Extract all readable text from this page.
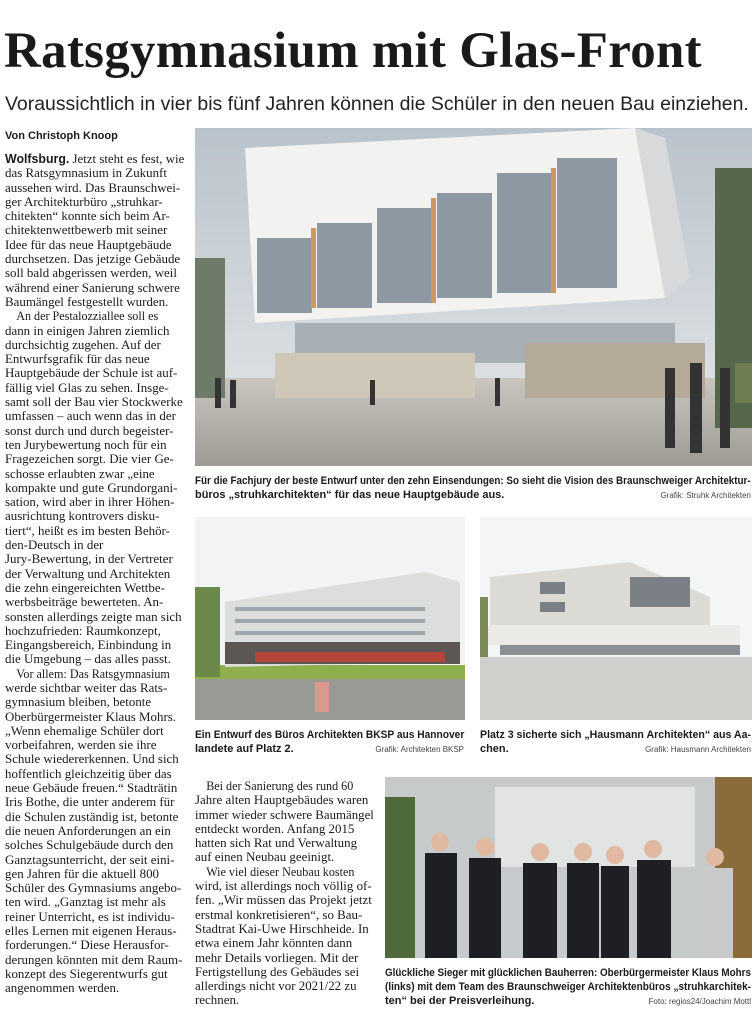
Ratsgymnasium mit Glas-Front
Voraussichtlich in vier bis fünf Jahren können die Schüler in den neuen Bau einziehen.
Von Christoph Knoop
Wolfsburg. Jetzt steht es fest, wie
das Ratsgymnasium in Zukunft
aussehen wird. Das Braunschwei-
ger Architekturbüro „struhkar-
chitekten“ konnte sich beim Ar-
chitektenwettbewerb mit seiner
Idee für das neue Hauptgebäude
durchsetzen. Das jetzige Gebäude
soll bald abgerissen werden, weil
während einer Sanierung schwere
Baumängel festgestellt wurden.
An der Pestalozziallee soll es
dann in einigen Jahren ziemlich
durchsichtig zugehen. Auf der
Entwurfsgrafik für das neue
Hauptgebäude der Schule ist auf-
fällig viel Glas zu sehen. Insge-
samt soll der Bau vier Stockwerke
umfassen – auch wenn das in der
sonst durch und durch begeister-
ten Jurybewertung noch für ein
Fragezeichen sorgt. Die vier Ge-
schosse erlaubten zwar „eine
kompakte und gute Grundorgani-
sation, wird aber in ihrer Höhen-
ausrichtung kontrovers disku-
tiert“, heißt es im besten Behör-
den-Deutsch in der
Jury-Bewertung, in der Vertreter
der Verwaltung und Architekten
die zehn eingereichten Wettbe-
werbsbeiträge bewerteten. An-
sonsten allerdings zeigte man sich
hochzufrieden: Raumkonzept,
Eingangsbereich, Einbindung in
die Umgebung – das alles passt.
Vor allem: Das Ratsgymnasium
werde sichtbar weiter das Rats-
gymnasium bleiben, betonte
Oberbürgermeister Klaus Mohrs.
„Wenn ehemalige Schüler dort
vorbeifahren, werden sie ihre
Schule wiedererkennen. Und sich
hoffentlich gleichzeitig über das
neue Gebäude freuen.“ Stadträtin
Iris Bothe, die unter anderem für
die Schulen zuständig ist, betonte
die neuen Anforderungen an ein
solches Schulgebäude durch den
Ganztagsunterricht, der seit eini-
gen Jahren für die aktuell 800
Schüler des Gymnasiums angebo-
ten wird. „Ganztag ist mehr als
reiner Unterricht, es ist individu-
elles Lernen mit eigenen Heraus-
forderungen.“ Diese Herausfor-
derungen könnten mit dem Raum-
konzept des Siegerentwurfs gut
angenommen werden.
Bei der Sanierung des rund 60
Jahre alten Hauptgebäudes waren
immer wieder schwere Baumängel
entdeckt worden. Anfang 2015
hatten sich Rat und Verwaltung
auf einen Neubau geeinigt.
Wie viel dieser Neubau kosten
wird, ist allerdings noch völlig of-
fen. „Wir müssen das Projekt jetzt
erstmal konkretisieren“, so Bau-
Stadtrat Kai-Uwe Hirschheide. In
etwa einem Jahr könnten dann
mehr Details vorliegen. Mit der
Fertigstellung des Gebäudes sei
allerdings nicht vor 2021/22 zu
rechnen.
Für die Fachjury der beste Entwurf unter den zehn Einsendungen: So sieht die Vision des Braunschweiger Architektur-
büros „struhkarchitekten“ für das neue Hauptgebäude aus.	Grafik: Struhk Architekten
Ein Entwurf des Büros Architekten BKSP aus Hannover
landete auf Platz 2.	Grafik: Architekten BKSP
Platz 3 sicherte sich „Hausmann Architekten“ aus Aa-
chen.	Grafik: Hausmann Architekten
Glückliche Sieger mit glücklichen Bauherren: Oberbürgermeister Klaus Mohrs
(links) mit dem Team des Braunschweiger Architektenbüros „struhkarchitek-
ten“ bei der Preisverleihung.	Foto: regios24/Joachim Mottl
